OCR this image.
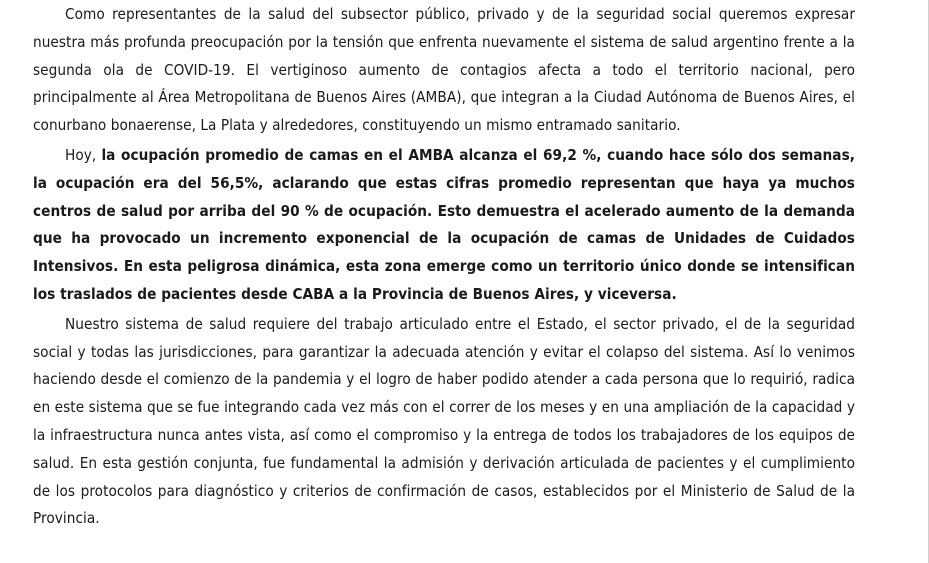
Como representantes de la salud del subsector público, privado y de la seguridad social queremos expresar nuestra más profunda preocupación por la tensión que enfrenta nuevamente el sistema de salud argentino frente a la segunda ola de COVID-19. El vertiginoso aumento de contagios afecta a todo el territorio nacional, pero principalmente al Área Metropolitana de Buenos Aires (AMBA), que integran a la Ciudad Autónoma de Buenos Aires, el conurbano bonaerense, La Plata y alrededores, constituyendo un mismo entramado sanitario.

Hoy, la ocupación promedio de camas en el AMBA alcanza el 69,2 %, cuando hace sólo dos semanas, la ocupación era del 56,5%, aclarando que estas cifras promedio representan que haya ya muchos centros de salud por arriba del 90 % de ocupación. Esto demuestra el acelerado aumento de la demanda que ha provocado un incremento exponencial de la ocupación de camas de Unidades de Cuidados Intensivos. En esta peligrosa dinámica, esta zona emerge como un territorio único donde se intensifican los traslados de pacientes desde CABA a la Provincia de Buenos Aires, y viceversa.

Nuestro sistema de salud requiere del trabajo articulado entre el Estado, el sector privado, el de la seguridad social y todas las jurisdicciones, para garantizar la adecuada atención y evitar el colapso del sistema. Así lo venimos haciendo desde el comienzo de la pandemia y el logro de haber podido atender a cada persona que lo requirió, radica en este sistema que se fue integrando cada vez más con el correr de los meses y en una ampliación de la capacidad y la infraestructura nunca antes vista, así como el compromiso y la entrega de todos los trabajadores de los equipos de salud. En esta gestión conjunta, fue fundamental la admisión y derivación articulada de pacientes y el cumplimiento de los protocolos para diagnóstico y criterios de confirmación de casos, establecidos por el Ministerio de Salud de la Provincia.
